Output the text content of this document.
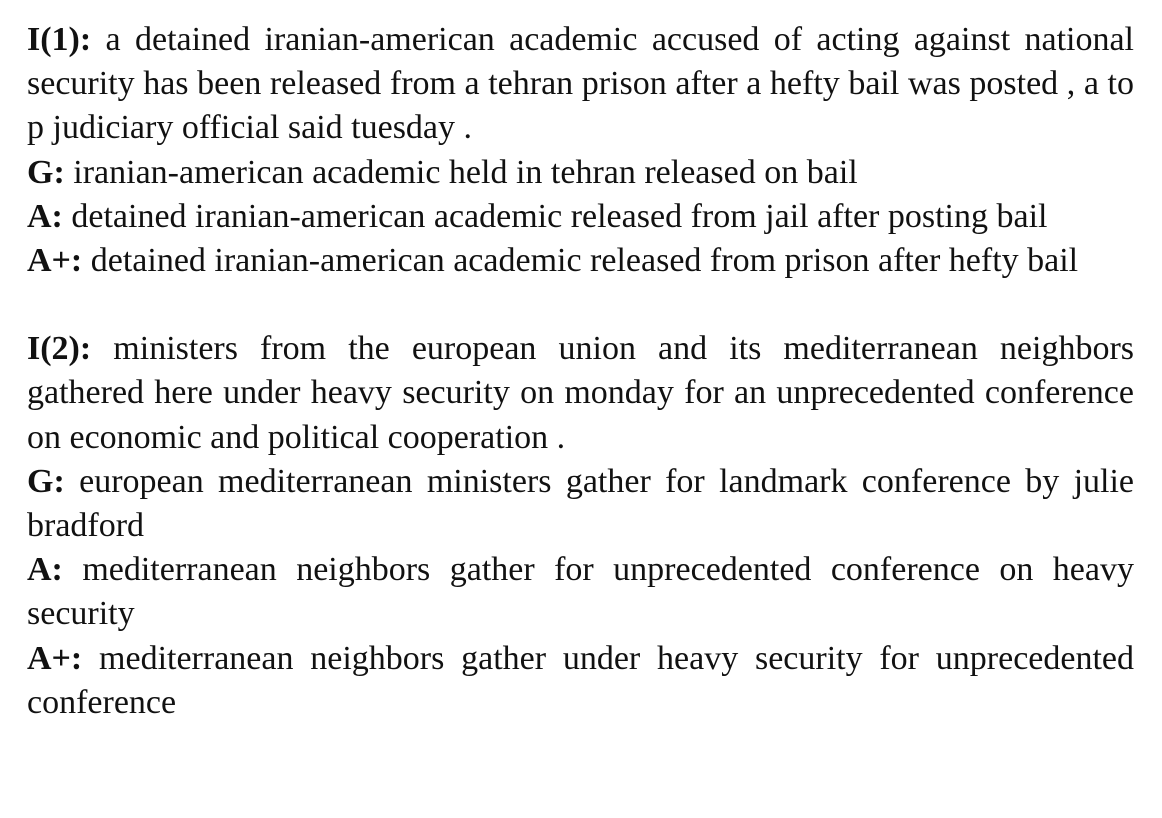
I(1): a detained iranian-american academic accused of acting against national security has been released from a tehran prison after a hefty bail was posted , a to p judiciary official said tuesday .
G: iranian-american academic held in tehran released on bail
A: detained iranian-american academic released from jail after posting bail
A+: detained iranian-american academic released from prison after hefty bail
I(2): ministers from the european union and its mediterranean neighbors gathered here under heavy security on monday for an unprecedented conference on economic and political cooperation .
G: european mediterranean ministers gather for landmark conference by julie bradford
A: mediterranean neighbors gather for unprecedented conference on heavy security
A+: mediterranean neighbors gather under heavy security for unprecedented conference
